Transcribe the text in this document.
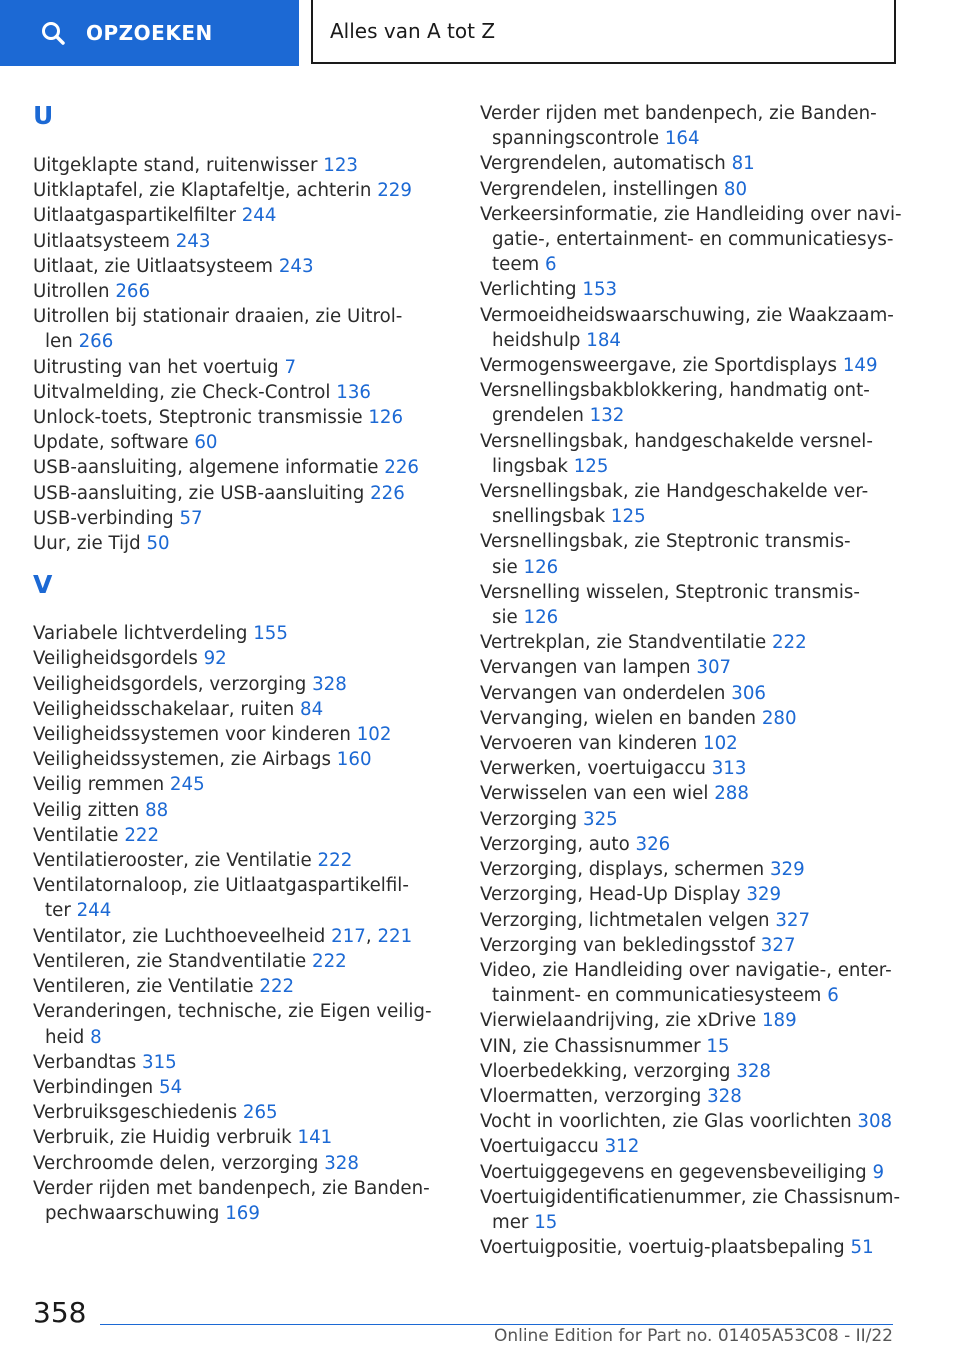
OPZOEKEN	Alles van A tot Z
U
Uitgeklapte stand, ruitenwisser 123
Uitklaptafel, zie Klaptafeltje, achterin 229
Uitlaatgaspartikelfilter 244
Uitlaatsysteem 243
Uitlaat, zie Uitlaatsysteem 243
Uitrollen 266
Uitrollen bij stationair draaien, zie Uitrol-
len 266
Uitrusting van het voertuig 7
Uitvalmelding, zie Check-Control 136
Unlock-toets, Steptronic transmissie 126
Update, software 60
USB-aansluiting, algemene informatie 226
USB-aansluiting, zie USB-aansluiting 226
USB-verbinding 57
Uur, zie Tijd 50
V
Variabele lichtverdeling 155
Veiligheidsgordels 92
Veiligheidsgordels, verzorging 328
Veiligheidsschakelaar, ruiten 84
Veiligheidssystemen voor kinderen 102
Veiligheidssystemen, zie Airbags 160
Veilig remmen 245
Veilig zitten 88
Ventilatie 222
Ventilatierooster, zie Ventilatie 222
Ventilatornaloop, zie Uitlaatgaspartikelfil-
ter 244
Ventilator, zie Luchthoeveelheid 217, 221
Ventileren, zie Standventilatie 222
Ventileren, zie Ventilatie 222
Veranderingen, technische, zie Eigen veilig-
heid 8
Verbandtas 315
Verbindingen 54
Verbruiksgeschiedenis 265
Verbruik, zie Huidig verbruik 141
Verchroomde delen, verzorging 328
Verder rijden met bandenpech, zie Banden-
pechwaarschuwing 169
Verder rijden met bandenpech, zie Banden-
spanningscontrole 164
Vergrendelen, automatisch 81
Vergrendelen, instellingen 80
Verkeersinformatie, zie Handleiding over navi-
gatie-, entertainment- en communicatiesys-
teem 6
Verlichting 153
Vermoeidheidswaarschuwing, zie Waakzaam-
heidshulp 184
Vermogensweergave, zie Sportdisplays 149
Versnellingsbakblokkering, handmatig ont-
grendelen 132
Versnellingsbak, handgeschakelde versnel-
lingsbak 125
Versnellingsbak, zie Handgeschakelde ver-
snellingsbak 125
Versnellingsbak, zie Steptronic transmis-
sie 126
Versnelling wisselen, Steptronic transmis-
sie 126
Vertrekplan, zie Standventilatie 222
Vervangen van lampen 307
Vervangen van onderdelen 306
Vervanging, wielen en banden 280
Vervoeren van kinderen 102
Verwerken, voertuigaccu 313
Verwisselen van een wiel 288
Verzorging 325
Verzorging, auto 326
Verzorging, displays, schermen 329
Verzorging, Head-Up Display 329
Verzorging, lichtmetalen velgen 327
Verzorging van bekledingsstof 327
Video, zie Handleiding over navigatie-, enter-
tainment- en communicatiesysteem 6
Vierwielaandrijving, zie xDrive 189
VIN, zie Chassisnummer 15
Vloerbedekking, verzorging 328
Vloermatten, verzorging 328
Vocht in voorlichten, zie Glas voorlichten 308
Voertuigaccu 312
Voertuiggegevens en gegevensbeveiliging 9
Voertuigidentificatienummer, zie Chassisnum-
mer 15
Voertuigpositie, voertuig-plaatsbepaling 51
358
Online Edition for Part no. 01405A53C08 - II/22
